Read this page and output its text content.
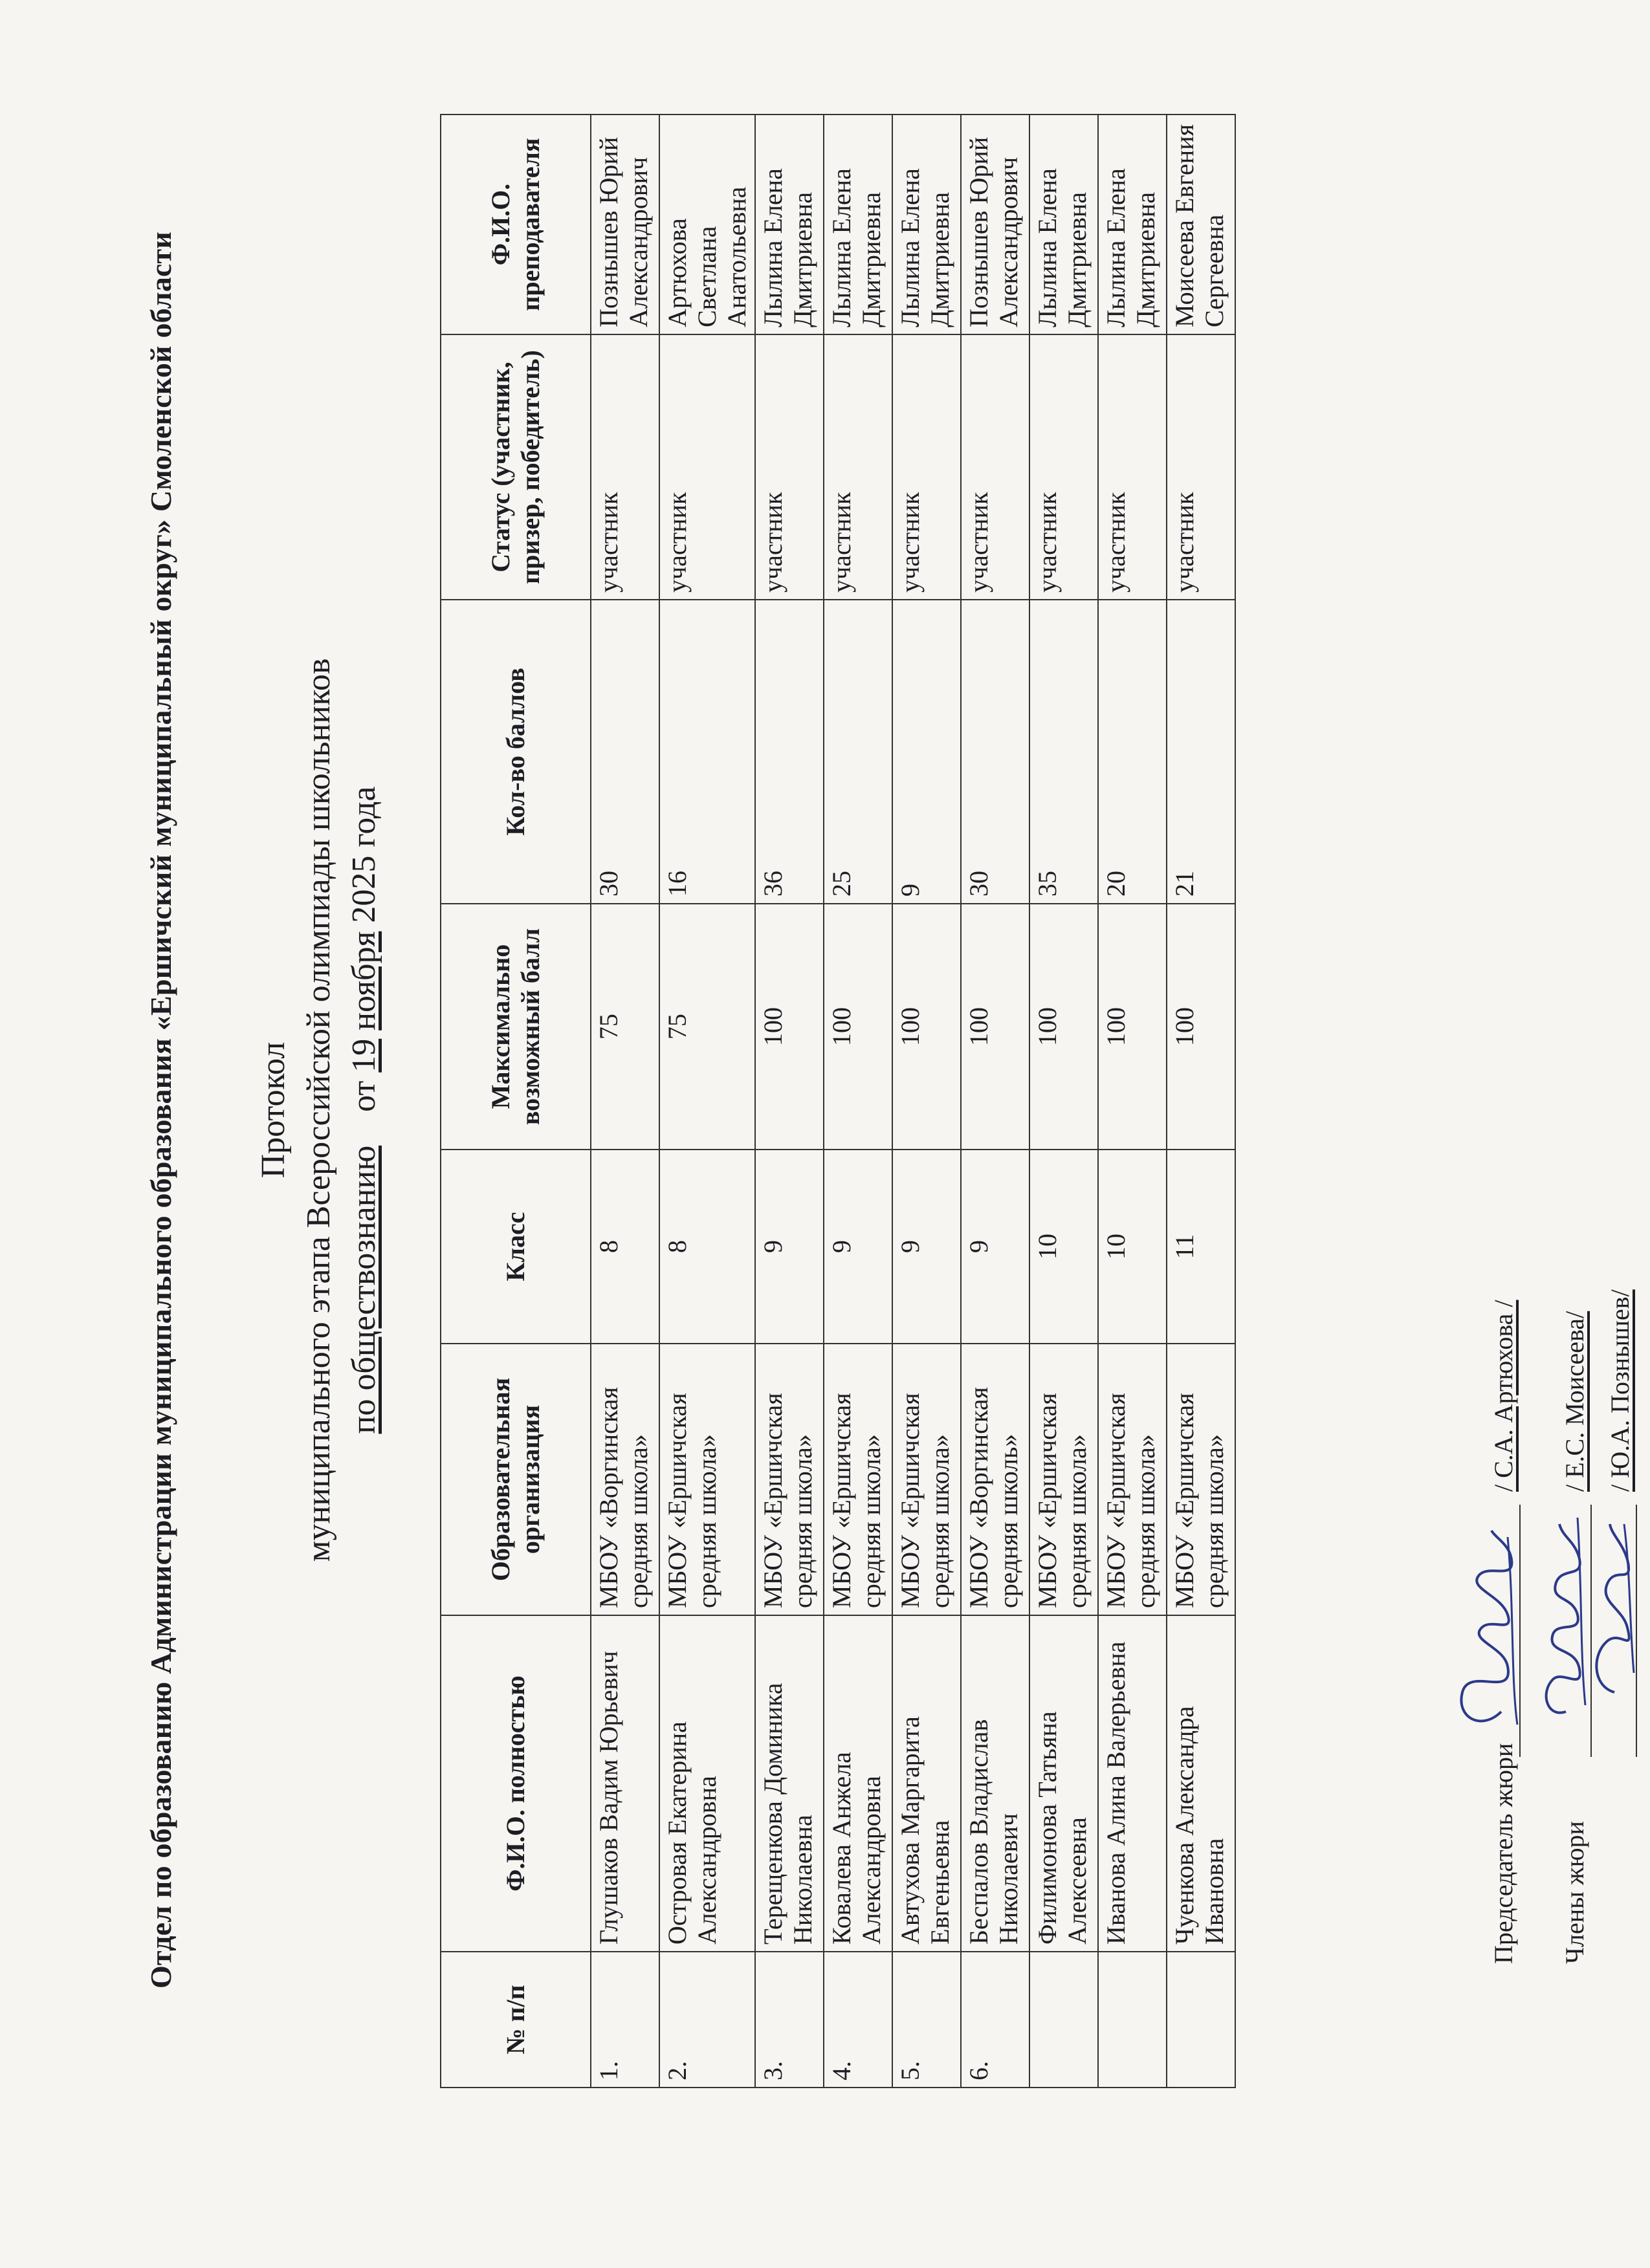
Отдел по образованию Администрации муниципального образования «Ершичский муниципальный округ» Смоленской области Протокол муниципального этапа Всероссийской олимпиады школьников по обществознанию    от 19 ноября 2025 года
№ п/п	Ф.И.О. полностью	Образовательная организация	Класс	Максимально возможный балл	Кол-во баллов	Статус (участник, призер, победитель)	Ф.И.О. преподавателя
1.	Глушаков Вадим Юрьевич	МБОУ «Воргинская средняя школа»	8	75	30	участник	Познышев Юрий Александрович
2.	Островая Екатерина Александровна	МБОУ «Ершичская средняя школа»	8	75	16	участник	Артюхова Светлана Анатольевна
3.	Терещенкова Доминика Николаевна	МБОУ «Ершичская средняя школа»	9	100	36	участник	Лылина Елена Дмитриевна
4.	Ковалева Анжела Александровна	МБОУ «Ершичская средняя школа»	9	100	25	участник	Лылина Елена Дмитриевна
5.	Автухова Маргарита Евгеньевна	МБОУ «Ершичская средняя школа»	9	100	9	участник	Лылина Елена Дмитриевна
6.	Беспалов Владислав Николаевич	МБОУ «Воргинская средняя школь»	9	100	30	участник	Познышев Юрий Александрович
	Филимонова Татьяна Алексеевна	МБОУ «Ершичская средняя школа»	10	100	35	участник	Лылина Елена Дмитриевна
	Иванова Алина Валерьевна	МБОУ «Ершичская средняя школа»	10	100	20	участник	Лылина Елена Дмитриевна
	Чуенкова Александра Ивановна	МБОУ «Ершичская средняя школа»	11	100	21	участник	Моисеева Евгения Сергеевна
Председатель жюри
/ С.А. Артюхова /
Члены жюри
/ Е.С. Моисеева/ / Ю.А. Познышев/
